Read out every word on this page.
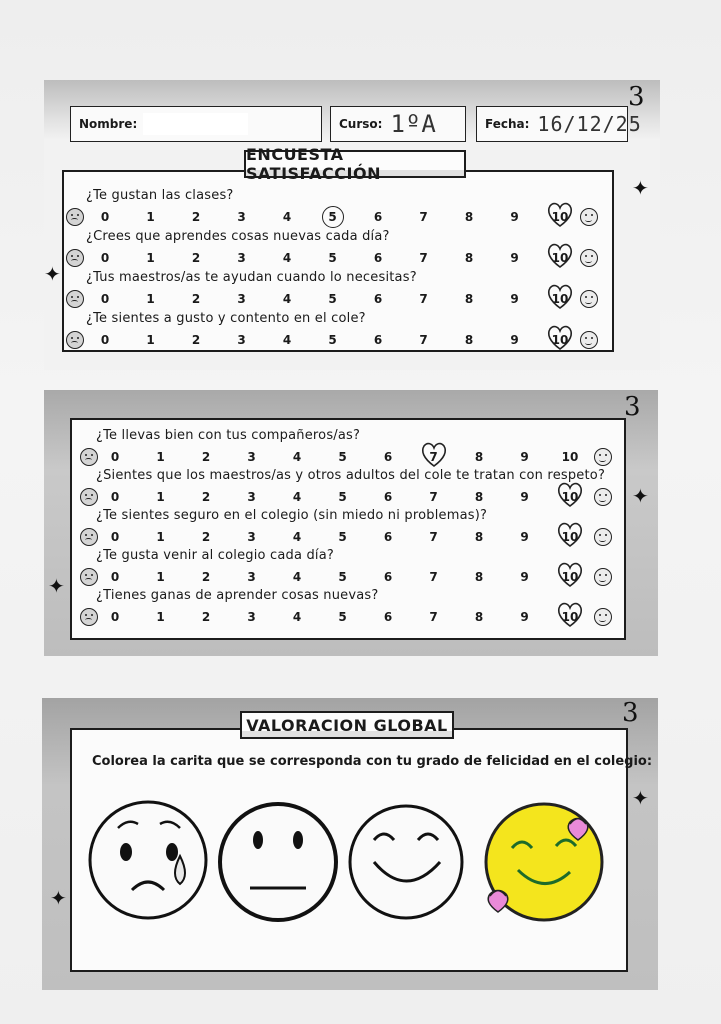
Nombre:	Curso: 1ºA	Fecha: 16/12/25
3
ENCUESTA SATISFACCIÓN
✦
✦
¿Te gustan las clases?
0	1	2	3	4	5	6	7	8	9	10
¿Crees que aprendes cosas nuevas cada día?
0	1	2	3	4	5	6	7	8	9	10
¿Tus maestros/as te ayudan cuando lo necesitas?
0	1	2	3	4	5	6	7	8	9	10
¿Te sientes a gusto y contento en el cole?
0	1	2	3	4	5	6	7	8	9	10
3
✦
✦
¿Te llevas bien con tus compañeros/as?
0	1	2	3	4	5	6	7	8	9	10
¿Sientes que los maestros/as y otros adultos del cole te tratan con respeto?
0	1	2	3	4	5	6	7	8	9	10
¿Te sientes seguro en el colegio (sin miedo ni problemas)?
0	1	2	3	4	5	6	7	8	9	10
¿Te gusta venir al colegio cada día?
0	1	2	3	4	5	6	7	8	9	10
¿Tienes ganas de aprender cosas nuevas?
0	1	2	3	4	5	6	7	8	9	10
VALORACION GLOBAL	3
✦
✦
Colorea la carita que se corresponda con tu grado de felicidad en el colegio:
